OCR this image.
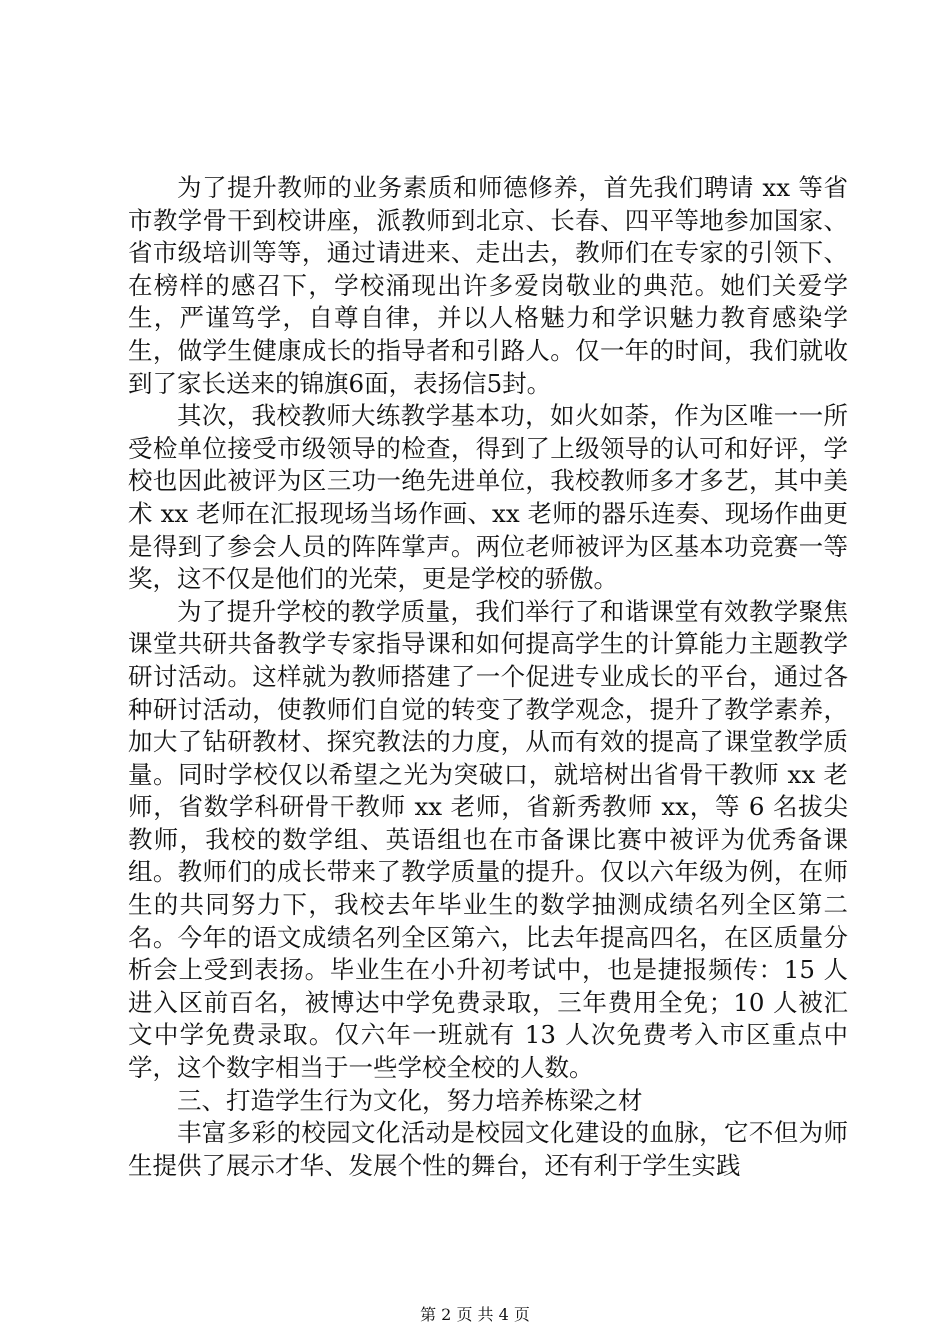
为了提升教师的业务素质和师德修养，首先我们聘请 xx 等省市教学骨干到校讲座，派教师到北京、长春、四平等地参加国家、省市级培训等等，通过请进来、走出去，教师们在专家的引领下、在榜样的感召下，学校涌现出许多爱岗敬业的典范。她们关爱学生，严谨笃学，自尊自律，并以人格魅力和学识魅力教育感染学生，做学生健康成长的指导者和引路人。仅一年的时间，我们就收到了家长送来的锦旗6面，表扬信5封。

其次，我校教师大练教学基本功，如火如荼，作为区唯一一所受检单位接受市级领导的检查，得到了上级领导的认可和好评，学校也因此被评为区三功一绝先进单位，我校教师多才多艺，其中美术 xx 老师在汇报现场当场作画、xx 老师的器乐连奏、现场作曲更是得到了参会人员的阵阵掌声。两位老师被评为区基本功竞赛一等奖，这不仅是他们的光荣，更是学校的骄傲。

为了提升学校的教学质量，我们举行了和谐课堂有效教学聚焦课堂共研共备教学专家指导课和如何提高学生的计算能力主题教学研讨活动。这样就为教师搭建了一个促进专业成长的平台，通过各种研讨活动，使教师们自觉的转变了教学观念，提升了教学素养，加大了钻研教材、探究教法的力度，从而有效的提高了课堂教学质量。同时学校仅以希望之光为突破口，就培树出省骨干教师 xx 老师，省数学科研骨干教师 xx 老师，省新秀教师 xx，等 6 名拔尖教师，我校的数学组、英语组也在市备课比赛中被评为优秀备课组。教师们的成长带来了教学质量的提升。仅以六年级为例，在师生的共同努力下，我校去年毕业生的数学抽测成绩名列全区第二名。今年的语文成绩名列全区第六，比去年提高四名，在区质量分析会上受到表扬。毕业生在小升初考试中，也是捷报频传：15 人进入区前百名，被博达中学免费录取，三年费用全免；10 人被汇文中学免费录取。仅六年一班就有 13 人次免费考入市区重点中学，这个数字相当于一些学校全校的人数。

三、打造学生行为文化，努力培养栋梁之材

丰富多彩的校园文化活动是校园文化建设的血脉，它不但为师生提供了展示才华、发展个性的舞台，还有利于学生实践

第 2 页 共 4 页
